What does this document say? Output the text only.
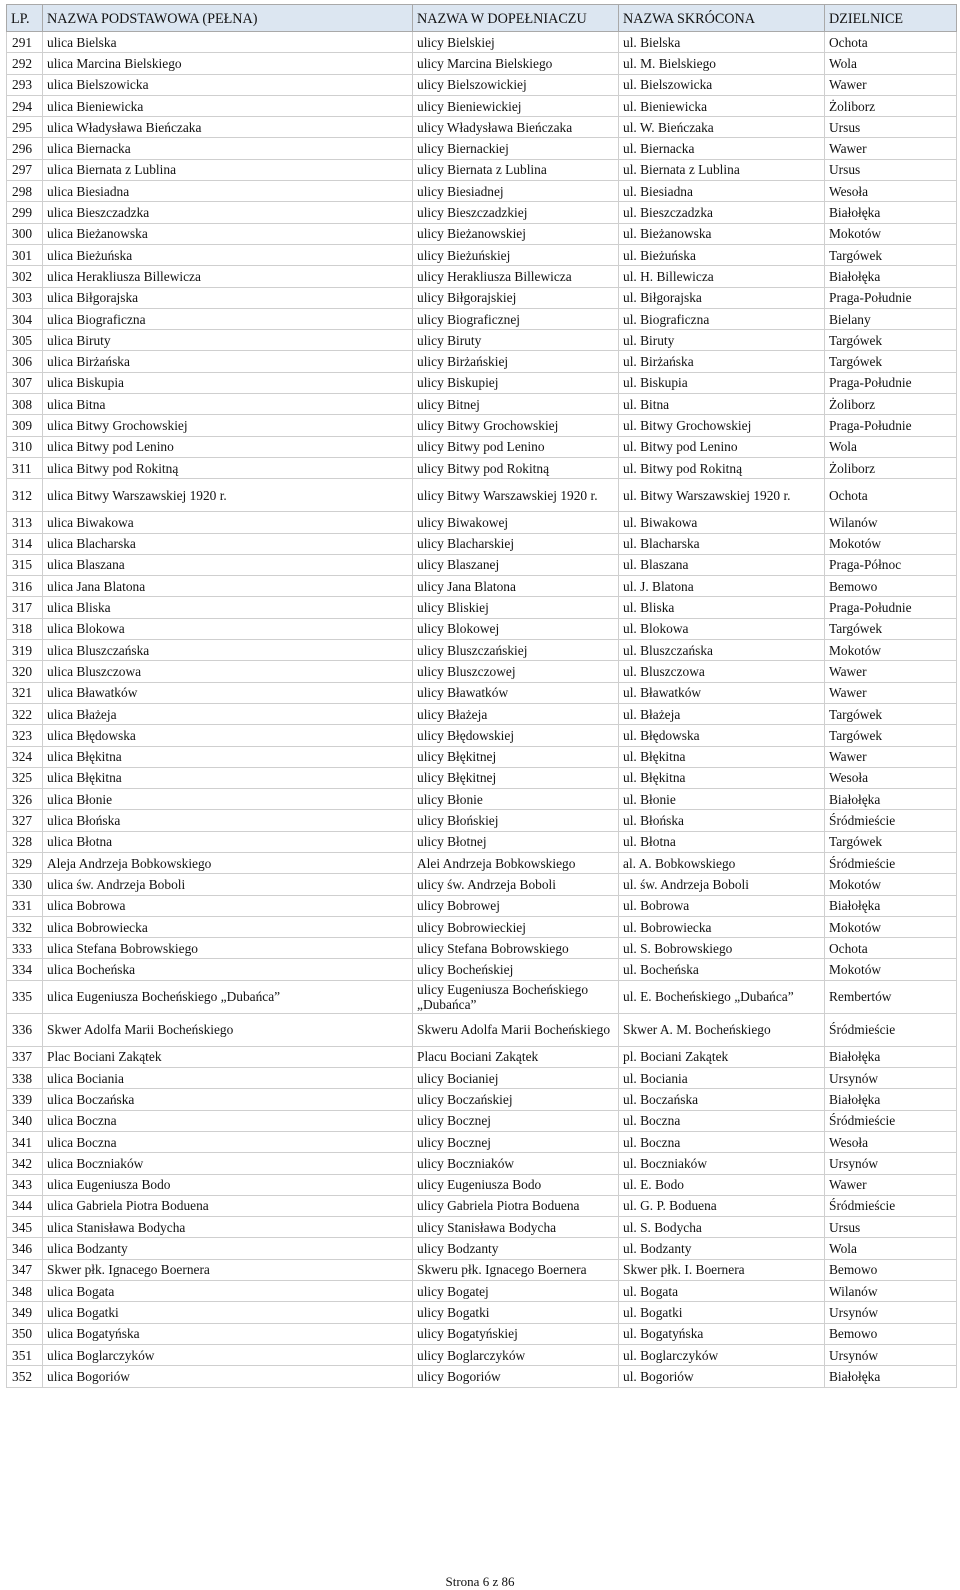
LP.	NAZWA PODSTAWOWA (PEŁNA)	NAZWA W DOPEŁNIACZU	NAZWA SKRÓCONA	DZIELNICE
291	ulica Bielska	ulicy Bielskiej	ul. Bielska	Ochota
292	ulica Marcina Bielskiego	ulicy Marcina Bielskiego	ul. M. Bielskiego	Wola
293	ulica Bielszowicka	ulicy Bielszowickiej	ul. Bielszowicka	Wawer
294	ulica Bieniewicka	ulicy Bieniewickiej	ul. Bieniewicka	Żoliborz
295	ulica Władysława Bieńczaka	ulicy Władysława Bieńczaka	ul. W. Bieńczaka	Ursus
296	ulica Biernacka	ulicy Biernackiej	ul. Biernacka	Wawer
297	ulica Biernata z Lublina	ulicy Biernata z Lublina	ul. Biernata z Lublina	Ursus
298	ulica Biesiadna	ulicy Biesiadnej	ul. Biesiadna	Wesoła
299	ulica Bieszczadzka	ulicy Bieszczadzkiej	ul. Bieszczadzka	Białołęka
300	ulica Bieżanowska	ulicy Bieżanowskiej	ul. Bieżanowska	Mokotów
301	ulica Bieżuńska	ulicy Bieżuńskiej	ul. Bieżuńska	Targówek
302	ulica Herakliusza Billewicza	ulicy Herakliusza Billewicza	ul. H. Billewicza	Białołęka
303	ulica Biłgorajska	ulicy Biłgorajskiej	ul. Biłgorajska	Praga-Południe
304	ulica Biograficzna	ulicy Biograficznej	ul. Biograficzna	Bielany
305	ulica Biruty	ulicy Biruty	ul. Biruty	Targówek
306	ulica Birżańska	ulicy Birżańskiej	ul. Birżańska	Targówek
307	ulica Biskupia	ulicy Biskupiej	ul. Biskupia	Praga-Południe
308	ulica Bitna	ulicy Bitnej	ul. Bitna	Żoliborz
309	ulica Bitwy Grochowskiej	ulicy Bitwy Grochowskiej	ul. Bitwy Grochowskiej	Praga-Południe
310	ulica Bitwy pod Lenino	ulicy Bitwy pod Lenino	ul. Bitwy pod Lenino	Wola
311	ulica Bitwy pod Rokitną	ulicy Bitwy pod Rokitną	ul. Bitwy pod Rokitną	Żoliborz
312	ulica Bitwy Warszawskiej 1920 r.	ulicy Bitwy Warszawskiej 1920 r.	ul. Bitwy Warszawskiej 1920 r.	Ochota
313	ulica Biwakowa	ulicy Biwakowej	ul. Biwakowa	Wilanów
314	ulica Blacharska	ulicy Blacharskiej	ul. Blacharska	Mokotów
315	ulica Blaszana	ulicy Blaszanej	ul. Blaszana	Praga-Północ
316	ulica Jana Blatona	ulicy Jana Blatona	ul. J. Blatona	Bemowo
317	ulica Bliska	ulicy Bliskiej	ul. Bliska	Praga-Południe
318	ulica Blokowa	ulicy Blokowej	ul. Blokowa	Targówek
319	ulica Bluszczańska	ulicy Bluszczańskiej	ul. Bluszczańska	Mokotów
320	ulica Bluszczowa	ulicy Bluszczowej	ul. Bluszczowa	Wawer
321	ulica Bławatków	ulicy Bławatków	ul. Bławatków	Wawer
322	ulica Błażeja	ulicy Błażeja	ul. Błażeja	Targówek
323	ulica Błędowska	ulicy Błędowskiej	ul. Błędowska	Targówek
324	ulica Błękitna	ulicy Błękitnej	ul. Błękitna	Wawer
325	ulica Błękitna	ulicy Błękitnej	ul. Błękitna	Wesoła
326	ulica Błonie	ulicy Błonie	ul. Błonie	Białołęka
327	ulica Błońska	ulicy Błońskiej	ul. Błońska	Śródmieście
328	ulica Błotna	ulicy Błotnej	ul. Błotna	Targówek
329	Aleja Andrzeja Bobkowskiego	Alei Andrzeja Bobkowskiego	al. A. Bobkowskiego	Śródmieście
330	ulica św. Andrzeja Boboli	ulicy św. Andrzeja Boboli	ul. św. Andrzeja Boboli	Mokotów
331	ulica Bobrowa	ulicy Bobrowej	ul. Bobrowa	Białołęka
332	ulica Bobrowiecka	ulicy Bobrowieckiej	ul. Bobrowiecka	Mokotów
333	ulica Stefana Bobrowskiego	ulicy Stefana Bobrowskiego	ul. S. Bobrowskiego	Ochota
334	ulica Bocheńska	ulicy Bocheńskiej	ul. Bocheńska	Mokotów
335	ulica Eugeniusza Bocheńskiego „Dubańca”	ulicy Eugeniusza Bocheńskiego „Dubańca”	ul. E. Bocheńskiego „Dubańca”	Rembertów
336	Skwer Adolfa Marii Bocheńskiego	Skweru Adolfa Marii Bocheńskiego	Skwer A. M. Bocheńskiego	Śródmieście
337	Plac Bociani Zakątek	Placu Bociani Zakątek	pl. Bociani Zakątek	Białołęka
338	ulica Bociania	ulicy Bocianiej	ul. Bociania	Ursynów
339	ulica Boczańska	ulicy Boczańskiej	ul. Boczańska	Białołęka
340	ulica Boczna	ulicy Bocznej	ul. Boczna	Śródmieście
341	ulica Boczna	ulicy Bocznej	ul. Boczna	Wesoła
342	ulica Boczniaków	ulicy Boczniaków	ul. Boczniaków	Ursynów
343	ulica Eugeniusza Bodo	ulicy Eugeniusza Bodo	ul. E. Bodo	Wawer
344	ulica Gabriela Piotra Boduena	ulicy Gabriela Piotra Boduena	ul. G. P. Boduena	Śródmieście
345	ulica Stanisława Bodycha	ulicy Stanisława Bodycha	ul. S. Bodycha	Ursus
346	ulica Bodzanty	ulicy Bodzanty	ul. Bodzanty	Wola
347	Skwer płk. Ignacego Boernera	Skweru płk. Ignacego Boernera	Skwer płk. I. Boernera	Bemowo
348	ulica Bogata	ulicy Bogatej	ul. Bogata	Wilanów
349	ulica Bogatki	ulicy Bogatki	ul. Bogatki	Ursynów
350	ulica Bogatyńska	ulicy Bogatyńskiej	ul. Bogatyńska	Bemowo
351	ulica Boglarczyków	ulicy Boglarczyków	ul. Boglarczyków	Ursynów
352	ulica Bogoriów	ulicy Bogoriów	ul. Bogoriów	Białołęka
Strona 6 z 86
